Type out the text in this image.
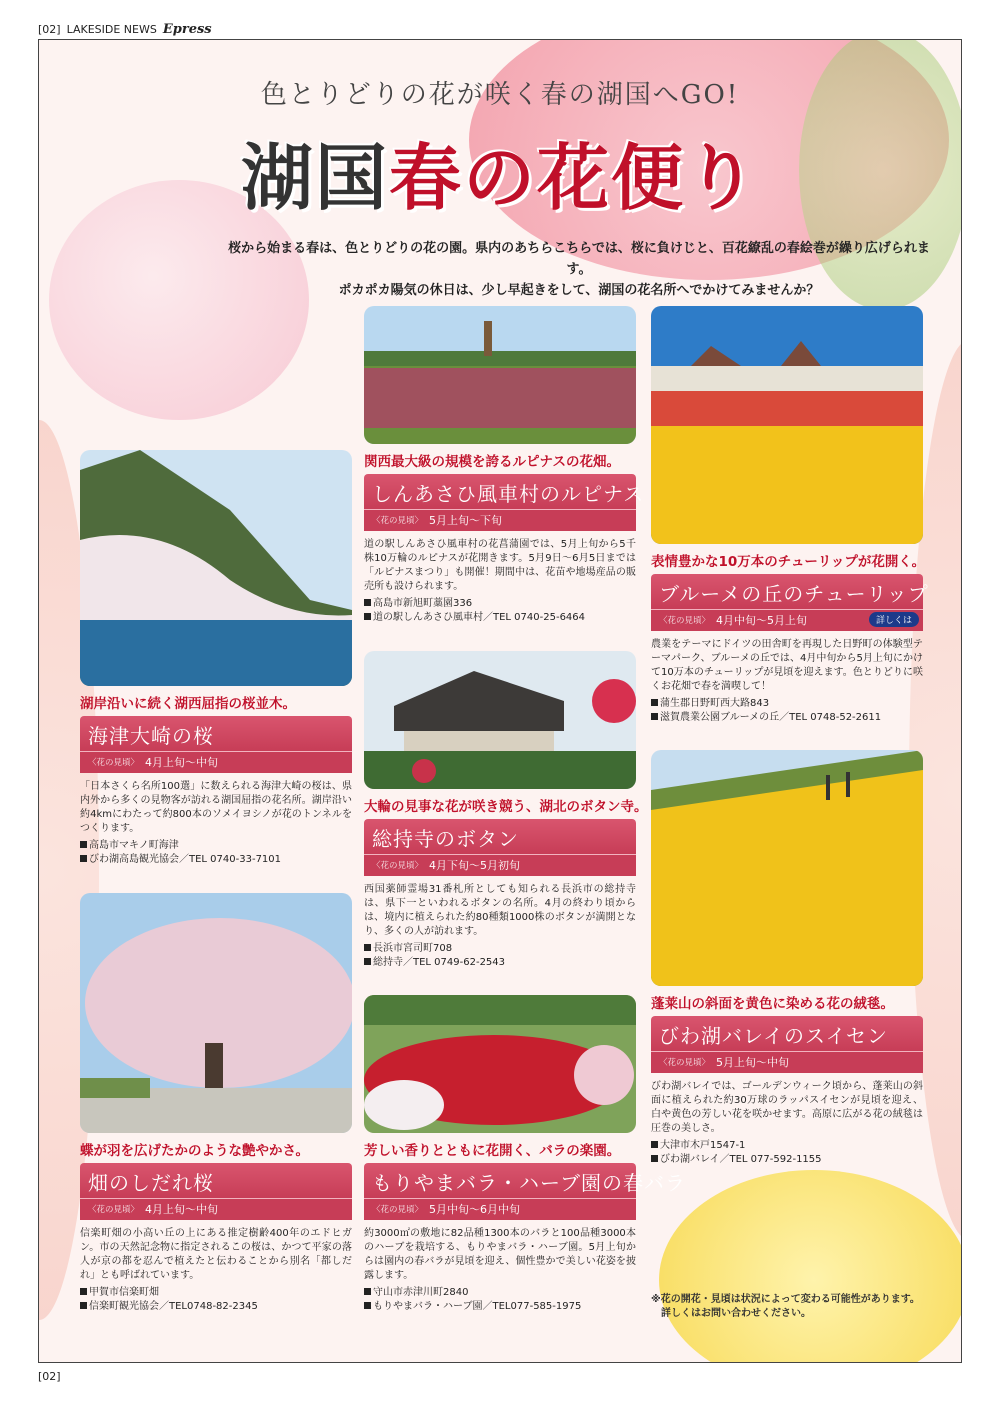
[02] LAKESIDE NEWS Epress
色とりどりの花が咲く春の湖国へGO!
湖国春の花便り
桜から始まる春は、色とりどりの花の園。県内のあちらこちらでは、桜に負けじと、百花繚乱の春絵巻が繰り広げられます。
ポカポカ陽気の休日は、少し早起きをして、湖国の花名所へでかけてみませんか？
湖岸沿いに続く湖西屈指の桜並木。
海津大崎の桜
〈花の見頃〉 4月上旬〜中旬
「日本さくら名所100選」に数えられる海津大崎の桜は、県内外から多くの見物客が訪れる湖国屈指の花名所。湖岸沿い約4kmにわたって約800本のソメイヨシノが花のトンネルをつくります。
高島市マキノ町海津
びわ湖高島観光協会／TEL 0740-33-7101
蝶が羽を広げたかのような艶やかさ。
畑のしだれ桜
〈花の見頃〉 4月上旬〜中旬
信楽町畑の小高い丘の上にある推定樹齢400年のエドヒガン。市の天然記念物に指定されるこの桜は、かつて平家の落人が京の都を忍んで植えたと伝わることから別名「都しだれ」とも呼ばれています。
甲賀市信楽町畑
信楽町観光協会／TEL0748-82-2345
関西最大級の規模を誇るルピナスの花畑。
しんあさひ風車村のルピナス
〈花の見頃〉 5月上旬〜下旬
道の駅しんあさひ風車村の花菖蒲園では、5月上旬から5千株10万輪のルピナスが花開きます。5月9日〜6月5日までは「ルピナスまつり」も開催！期間中は、花苗や地場産品の販売所も設けられます。
高島市新旭町藁園336
道の駅しんあさひ風車村／TEL 0740-25-6464
大輪の見事な花が咲き競う、湖北のボタン寺。
総持寺のボタン
〈花の見頃〉 4月下旬〜5月初旬
西国薬師霊場31番札所としても知られる長浜市の総持寺は、県下一といわれるボタンの名所。4月の終わり頃からは、境内に植えられた約80種類1000株のボタンが満開となり、多くの人が訪れます。
長浜市宮司町708
総持寺／TEL 0749-62-2543
芳しい香りとともに花開く、バラの楽園。
もりやまバラ・ハーブ園の春バラ
〈花の見頃〉 5月中旬〜6月中旬
約3000㎡の敷地に82品種1300本のバラと100品種3000本のハーブを栽培する、もりやまバラ・ハーブ園。5月上旬からは園内の春バラが見頃を迎え、個性豊かで美しい花姿を披露します。
守山市赤津川町2840
もりやまバラ・ハーブ園／TEL077-585-1975
表情豊かな10万本のチューリップが花開く。
ブルーメの丘のチューリップ
〈花の見頃〉 4月中旬〜5月上旬	詳しくは
農業をテーマにドイツの田舎町を再現した日野町の体験型テーマパーク、ブルーメの丘では、4月中旬から5月上旬にかけて10万本のチューリップが見頃を迎えます。色とりどりに咲くお花畑で春を満喫して！
蒲生郡日野町西大路843
滋賀農業公園ブルーメの丘／TEL 0748-52-2611
蓬莱山の斜面を黄色に染める花の絨毯。
びわ湖バレイのスイセン
〈花の見頃〉 5月上旬〜中旬
びわ湖バレイでは、ゴールデンウィーク頃から、蓬莱山の斜面に植えられた約30万球のラッパスイセンが見頃を迎え、白や黄色の芳しい花を咲かせます。高原に広がる花の絨毯は圧巻の美しさ。
大津市木戸1547-1
びわ湖バレイ／TEL 077-592-1155
※花の開花・見頃は状況によって変わる可能性があります。
詳しくはお問い合わせください。
[02]
